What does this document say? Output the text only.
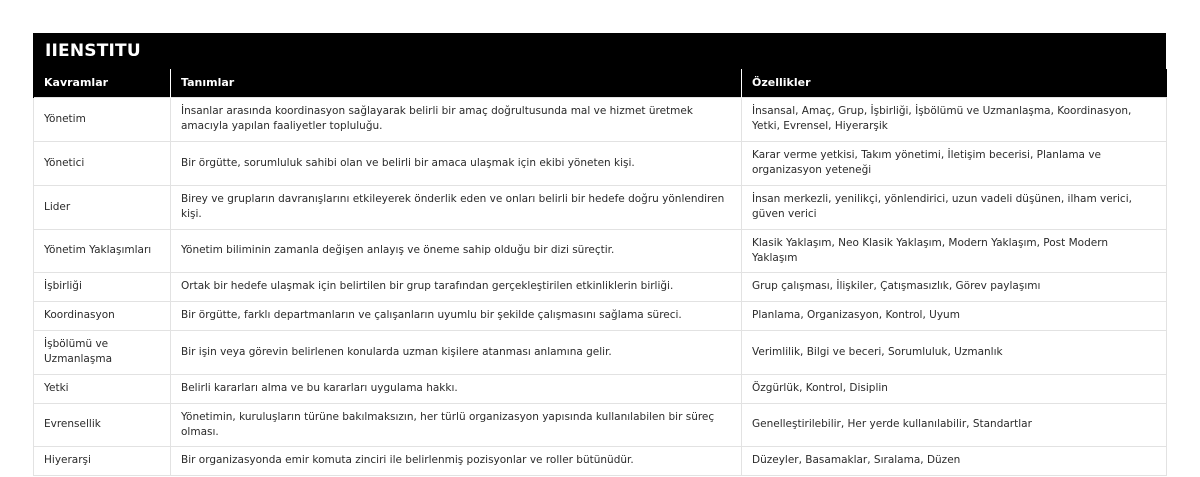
IIENSTITU
Kavramlar	Tanımlar	Özellikler
Yönetim	İnsanlar arasında koordinasyon sağlayarak belirli bir amaç doğrultusunda mal ve hizmet üretmek amacıyla yapılan faaliyetler topluluğu.	İnsansal, Amaç, Grup, İşbirliği, İşbölümü ve Uzmanlaşma, Koordinasyon, Yetki, Evrensel, Hiyerarşik
Yönetici	Bir örgütte, sorumluluk sahibi olan ve belirli bir amaca ulaşmak için ekibi yöneten kişi.	Karar verme yetkisi, Takım yönetimi, İletişim becerisi, Planlama ve organizasyon yeteneği
Lider	Birey ve grupların davranışlarını etkileyerek önderlik eden ve onları belirli bir hedefe doğru yönlendiren kişi.	İnsan merkezli, yenilikçi, yönlendirici, uzun vadeli düşünen, ilham verici, güven verici
Yönetim Yaklaşımları	Yönetim biliminin zamanla değişen anlayış ve öneme sahip olduğu bir dizi süreçtir.	Klasik Yaklaşım, Neo Klasik Yaklaşım, Modern Yaklaşım, Post Modern Yaklaşım
İşbirliği	Ortak bir hedefe ulaşmak için belirtilen bir grup tarafından gerçekleştirilen etkinliklerin birliği.	Grup çalışması, İlişkiler, Çatışmasızlık, Görev paylaşımı
Koordinasyon	Bir örgütte, farklı departmanların ve çalışanların uyumlu bir şekilde çalışmasını sağlama süreci.	Planlama, Organizasyon, Kontrol, Uyum
İşbölümü ve Uzmanlaşma	Bir işin veya görevin belirlenen konularda uzman kişilere atanması anlamına gelir.	Verimlilik, Bilgi ve beceri, Sorumluluk, Uzmanlık
Yetki	Belirli kararları alma ve bu kararları uygulama hakkı.	Özgürlük, Kontrol, Disiplin
Evrensellik	Yönetimin, kuruluşların türüne bakılmaksızın, her türlü organizasyon yapısında kullanılabilen bir süreç olması.	Genelleştirilebilir, Her yerde kullanılabilir, Standartlar
Hiyerarşi	Bir organizasyonda emir komuta zinciri ile belirlenmiş pozisyonlar ve roller bütünüdür.	Düzeyler, Basamaklar, Sıralama, Düzen
